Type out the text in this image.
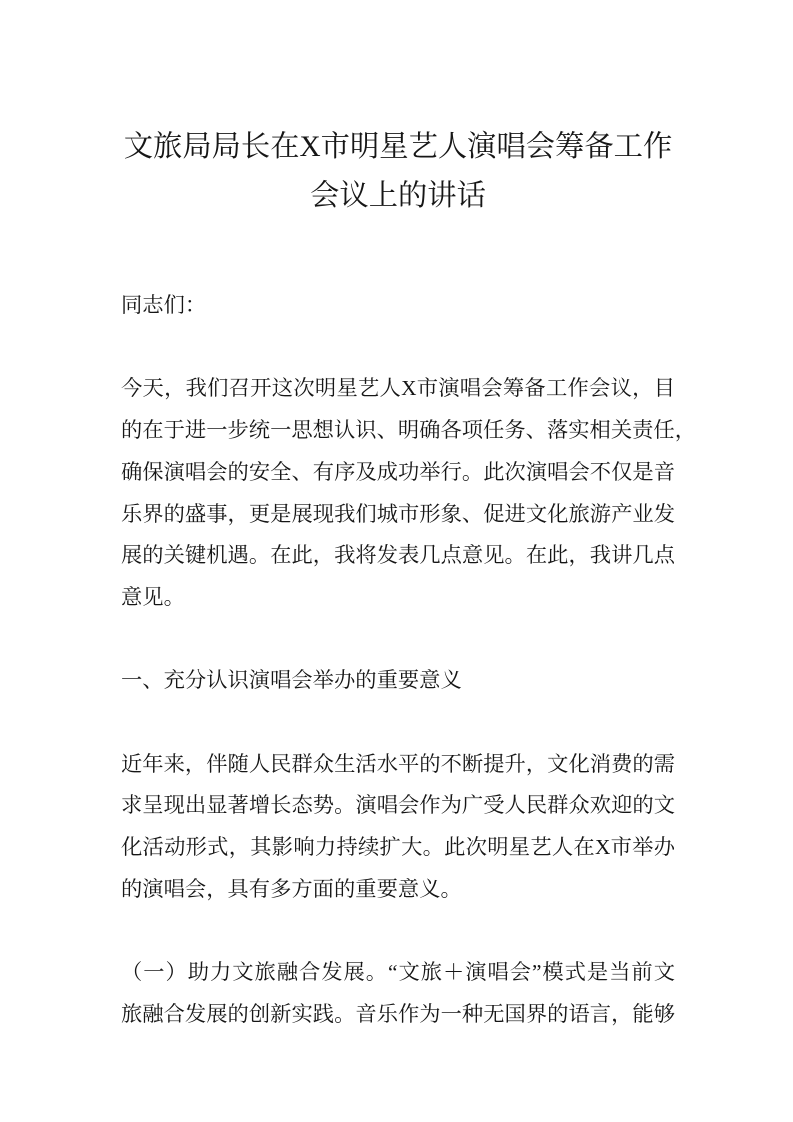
文旅局局长在X市明星艺人演唱会筹备工作
会议上的讲话

同志们：

今天，我们召开这次明星艺人X市演唱会筹备工作会议，目
的在于进一步统一思想认识、明确各项任务、落实相关责任，
确保演唱会的安全、有序及成功举行。此次演唱会不仅是音
乐界的盛事，更是展现我们城市形象、促进文化旅游产业发
展的关键机遇。在此，我将发表几点意见。在此，我讲几点
意见。
一、充分认识演唱会举办的重要意义
近年来，伴随人民群众生活水平的不断提升，文化消费的需
求呈现出显著增长态势。演唱会作为广受人民群众欢迎的文
化活动形式，其影响力持续扩大。此次明星艺人在X市举办
的演唱会，具有多方面的重要意义。
（一）助力文旅融合发展。“文旅＋演唱会”模式是当前文
旅融合发展的创新实践。音乐作为一种无国界的语言，能够
